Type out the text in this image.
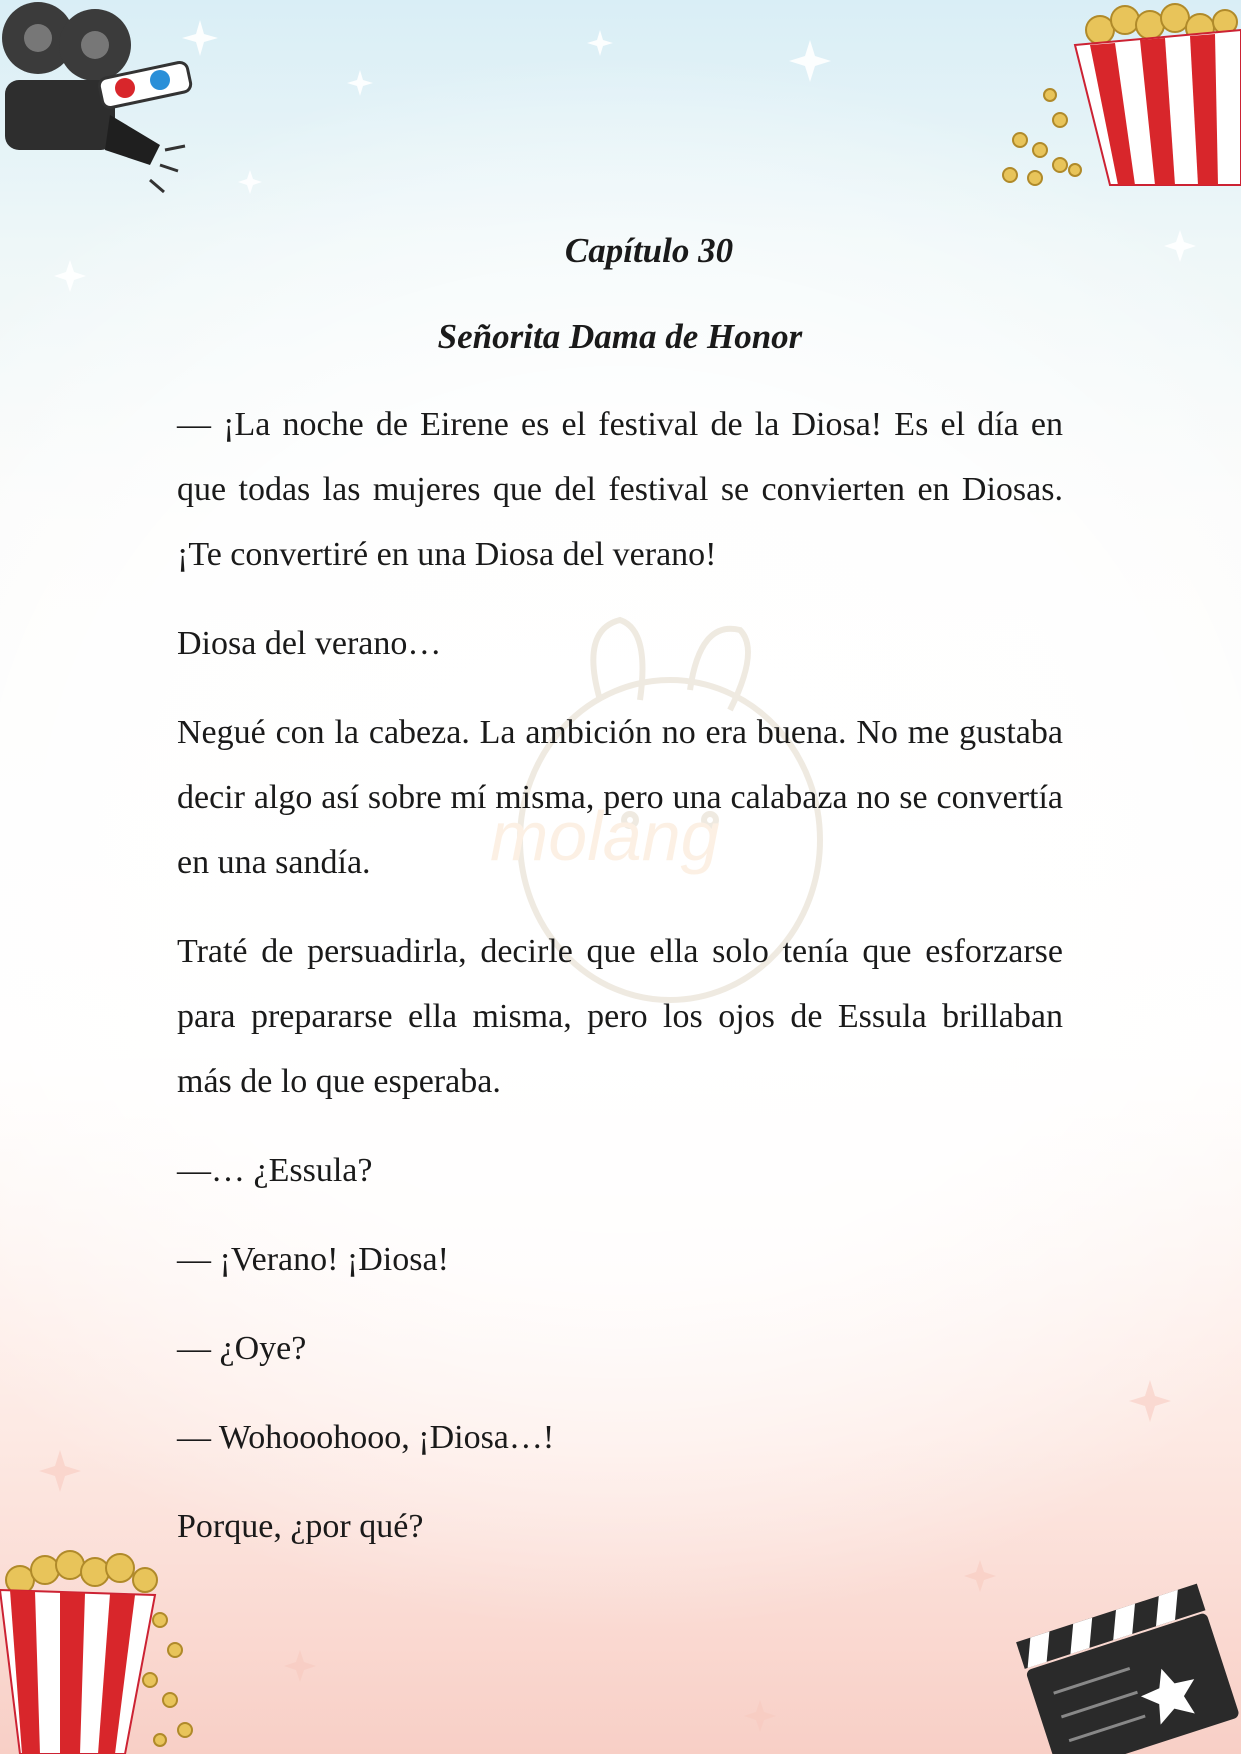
molang
Capítulo 30
Señorita Dama de Honor

— ¡La noche de Eirene es el festival de la Diosa! Es el día en que todas las mujeres que del festival se convierten en Diosas. ¡Te convertiré en una Diosa del verano!

Diosa del verano…

Negué con la cabeza. La ambición no era buena. No me gustaba decir algo así sobre mí misma, pero una calabaza no se convertía en una sandía.

Traté de persuadirla, decirle que ella solo tenía que esforzarse para prepararse ella misma, pero los ojos de Essula brillaban más de lo que esperaba.

—… ¿Essula?

— ¡Verano! ¡Diosa!

— ¿Oye?

— Wohooohooo, ¡Diosa…!

Porque, ¿por qué?
